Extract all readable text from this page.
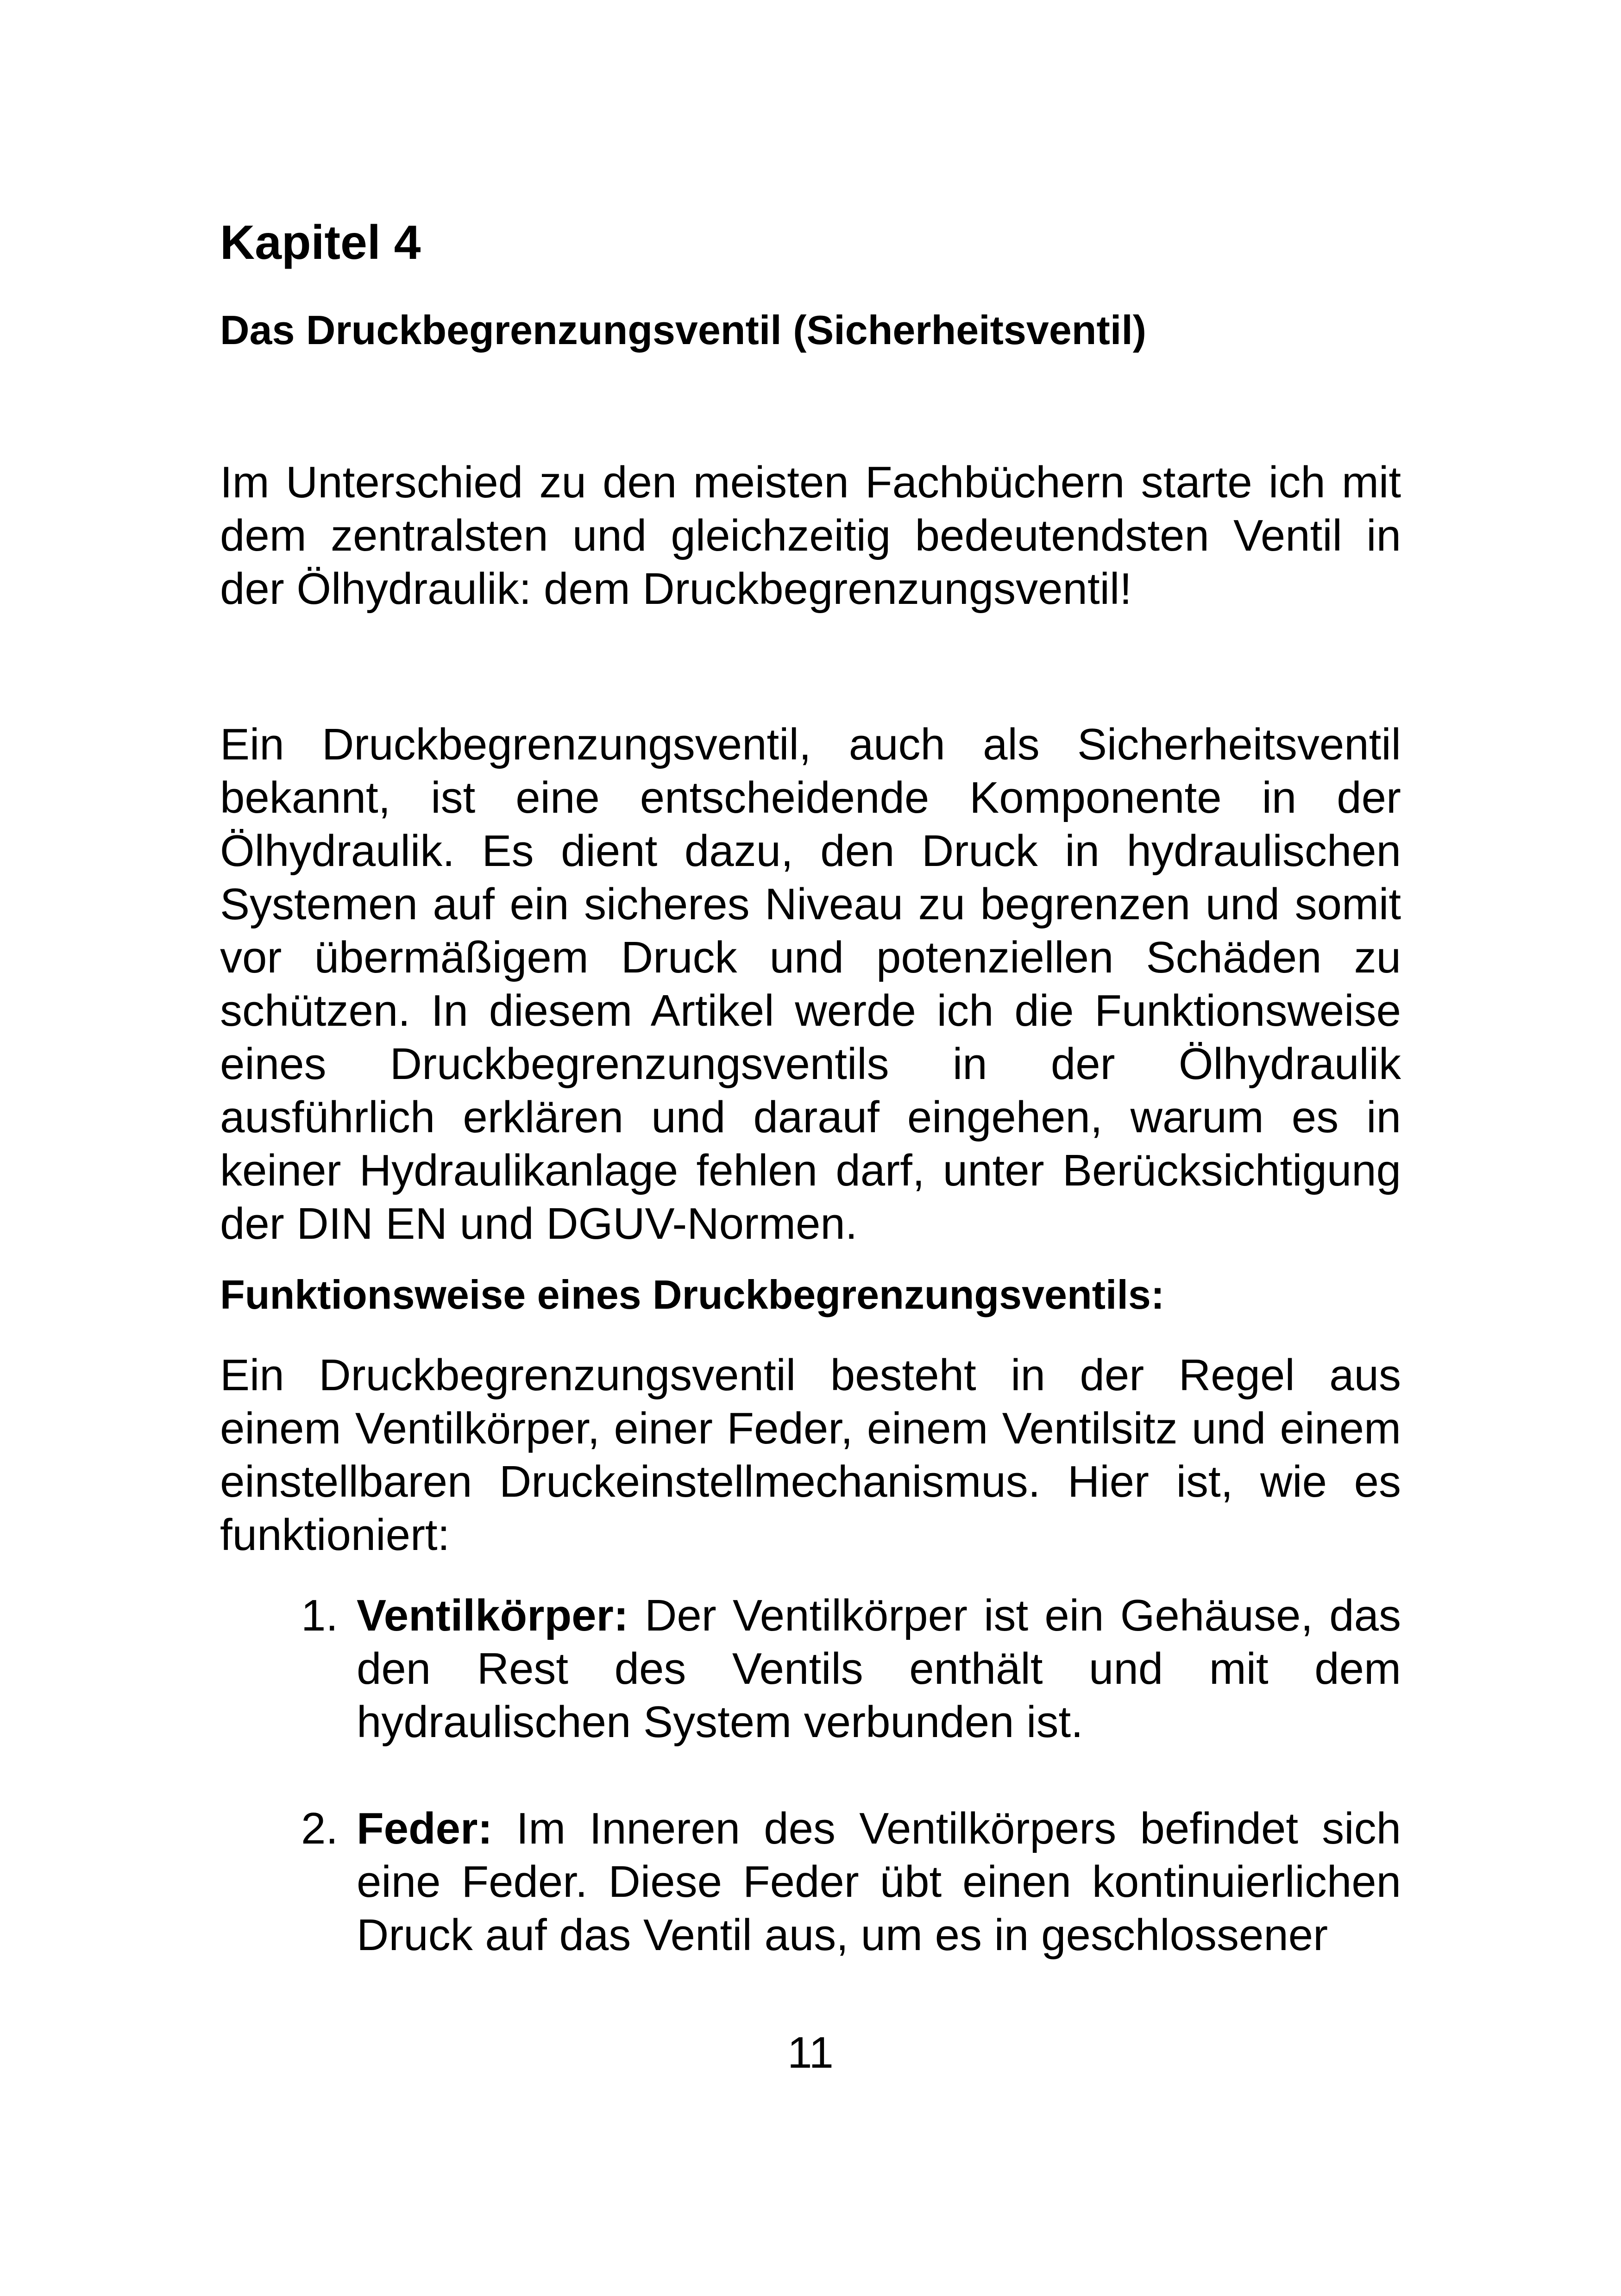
Kapitel 4
Das Druckbegrenzungsventil (Sicherheitsventil)

Im Unterschied zu den meisten Fachbüchern starte ich mit dem zentralsten und gleichzeitig bedeutendsten Ventil in der Ölhydraulik: dem Druckbegrenzungsventil!

Ein Druckbegrenzungsventil, auch als Sicherheitsventil bekannt, ist eine entscheidende Komponente in der Ölhydraulik. Es dient dazu, den Druck in hydraulischen Systemen auf ein sicheres Niveau zu begrenzen und somit vor übermäßigem Druck und potenziellen Schäden zu schützen. In diesem Artikel werde ich die Funktionsweise eines Druckbegrenzungsventils in der Ölhydraulik ausführlich erklären und darauf eingehen, warum es in keiner Hydraulikanlage fehlen darf, unter Berücksichtigung der DIN EN und DGUV-Normen.

Funktionsweise eines Druckbegrenzungsventils:

Ein Druckbegrenzungsventil besteht in der Regel aus einem Ventilkörper, einer Feder, einem Ventilsitz und einem einstellbaren Druckeinstellmechanismus. Hier ist, wie es funktioniert:

1. Ventilkörper: Der Ventilkörper ist ein Gehäuse, das den Rest des Ventils enthält und mit dem hydraulischen System verbunden ist.
2. Feder: Im Inneren des Ventilkörpers befindet sich eine Feder. Diese Feder übt einen kontinuierlichen Druck auf das Ventil aus, um es in geschlossener
11
